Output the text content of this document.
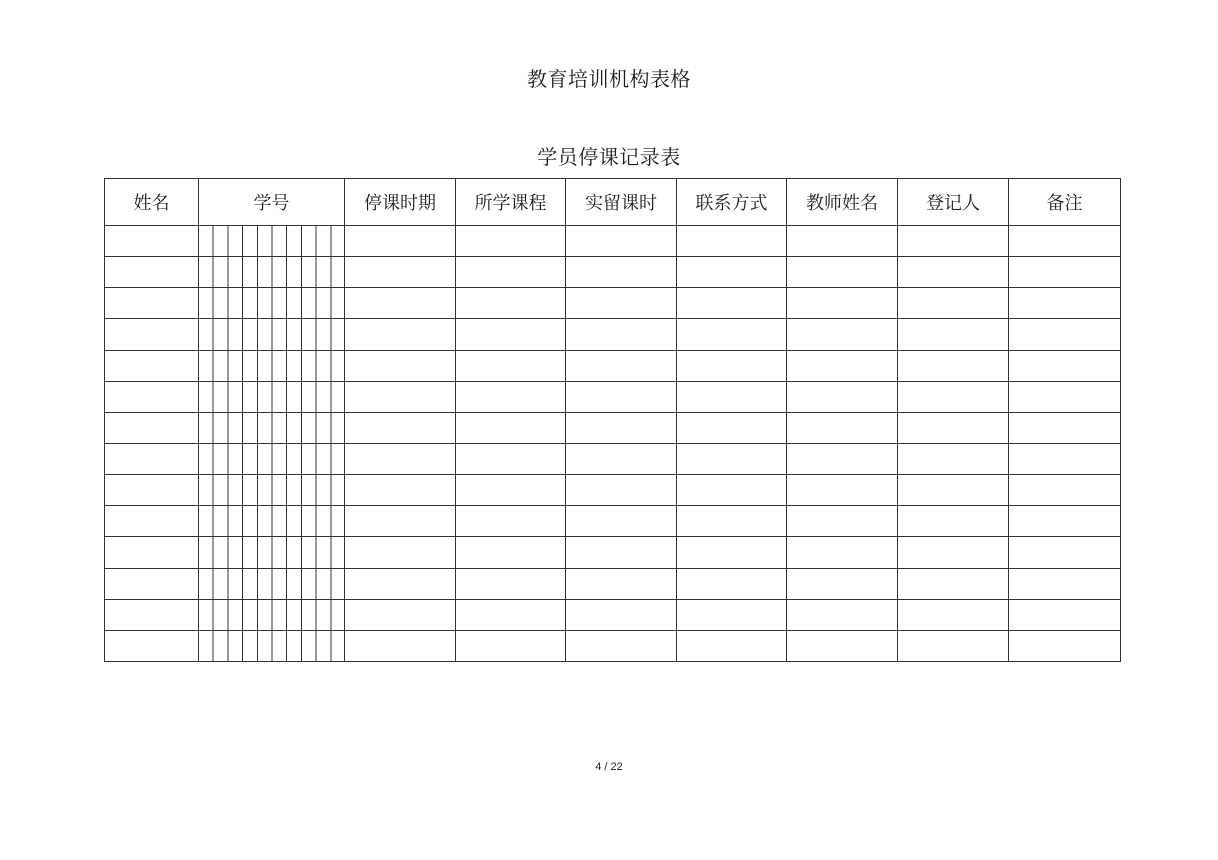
教育培训机构表格
学员停课记录表
姓名	学号	停课时期	所学课程	实留课时	联系方式	教师姓名	登记人	备注

4 / 22
